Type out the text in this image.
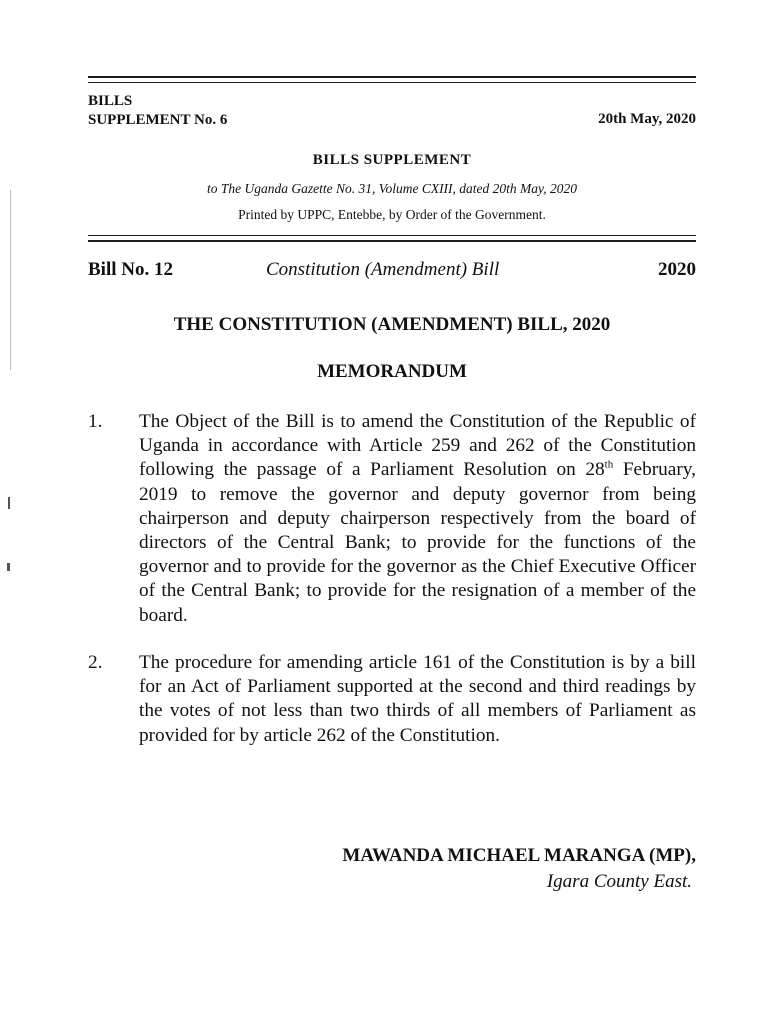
BILLS
SUPPLEMENT No. 6	20th May, 2020
BILLS SUPPLEMENT
to The Uganda Gazette No. 31, Volume CXIII, dated 20th May, 2020
Printed by UPPC, Entebbe, by Order of the Government.
Bill No. 12	Constitution (Amendment) Bill	2020
THE CONSTITUTION (AMENDMENT) BILL, 2020
MEMORANDUM
1. The Object of the Bill is to amend the Constitution of the Republic of Uganda in accordance with Article 259 and 262 of the Constitution following the passage of a Parliament Resolution on 28th February, 2019 to remove the governor and deputy governor from being chairperson and deputy chairperson respectively from the board of directors of the Central Bank; to provide for the functions of the governor and to provide for the governor as the Chief Executive Officer of the Central Bank; to provide for the resignation of a member of the board.
2. The procedure for amending article 161 of the Constitution is by a bill for an Act of Parliament supported at the second and third readings by the votes of not less than two thirds of all members of Parliament as provided for by article 262 of the Constitution.
MAWANDA MICHAEL MARANGA (MP),
Igara County East.
